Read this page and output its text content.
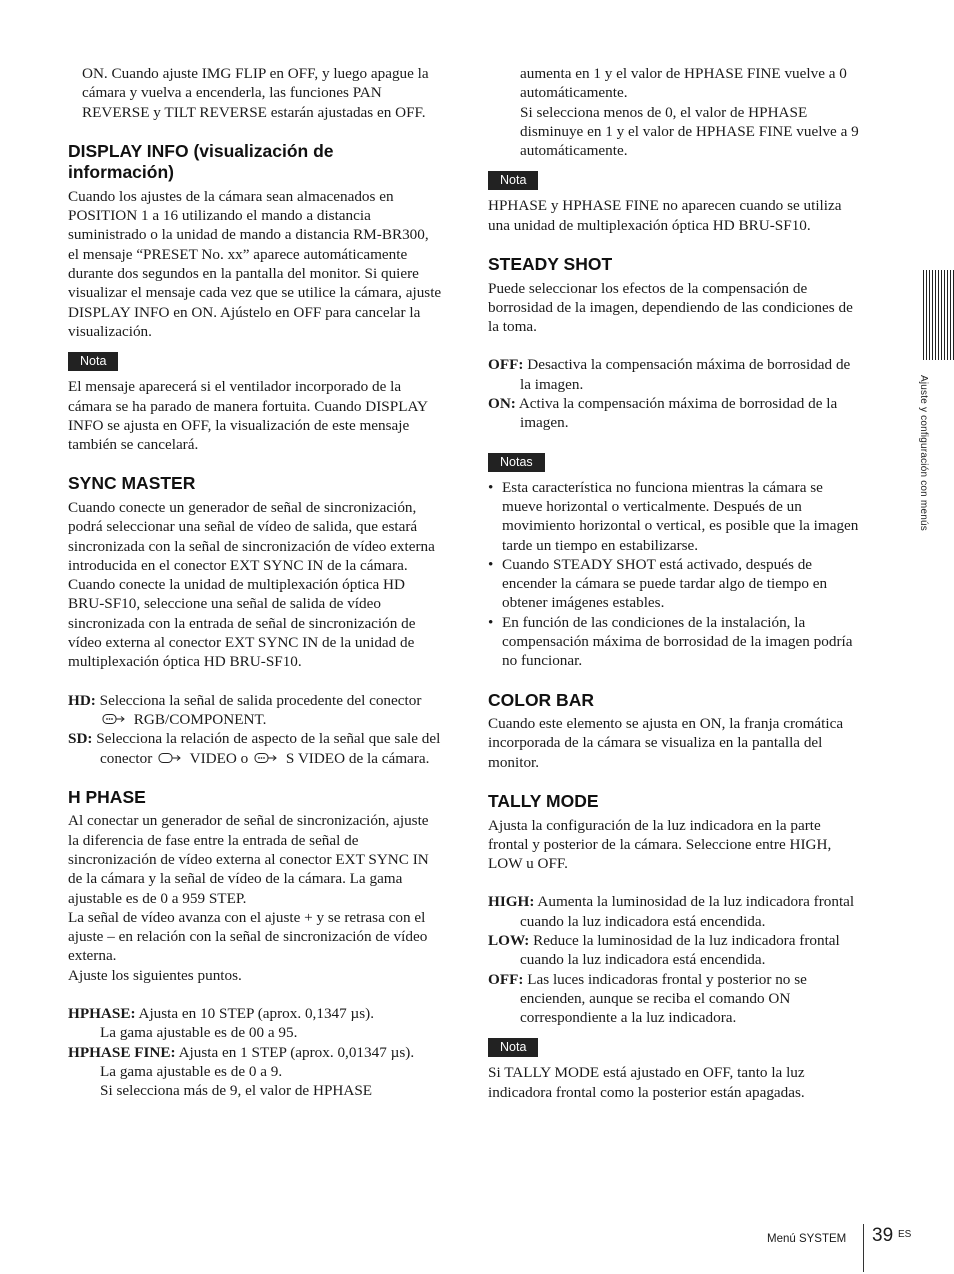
ON. Cuando ajuste IMG FLIP en OFF, y luego apague la cámara y vuelva a encenderla, las funciones PAN REVERSE y TILT REVERSE estarán ajustadas en OFF.

DISPLAY INFO (visualización de información)

Cuando los ajustes de la cámara sean almacenados en POSITION 1 a 16 utilizando el mando a distancia suministrado o la unidad de mando a distancia RM-BR300, el mensaje “PRESET No. xx” aparece automáticamente durante dos segundos en la pantalla del monitor. Si quiere visualizar el mensaje cada vez que se utilice la cámara, ajuste DISPLAY INFO en ON. Ajústelo en OFF para cancelar la visualización.

Nota

El mensaje aparecerá si el ventilador incorporado de la cámara se ha parado de manera fortuita. Cuando DISPLAY INFO se ajusta en OFF, la visualización de este mensaje también se cancelará.

SYNC MASTER

Cuando conecte un generador de señal de sincronización, podrá seleccionar una señal de vídeo de salida, que estará sincronizada con la señal de sincronización de vídeo externa introducida en el conector EXT SYNC IN de la cámara.

Cuando conecte la unidad de multiplexación óptica HD BRU-SF10, seleccione una señal de salida de vídeo sincronizada con la entrada de señal de sincronización de vídeo externa al conector EXT SYNC IN de la unidad de multiplexación óptica HD BRU-SF10.

HD: Selecciona la señal de salida procedente del conector  RGB/COMPONENT.

SD: Selecciona la relación de aspecto de la señal que sale del conector VIDEO o S VIDEO de la cámara.

H PHASE

Al conectar un generador de señal de sincronización, ajuste la diferencia de fase entre la entrada de señal de sincronización de vídeo externa al conector EXT SYNC IN de la cámara y la señal de vídeo de la cámara. La gama ajustable es de 0 a 959 STEP.

La señal de vídeo avanza con el ajuste + y se retrasa con el ajuste – en relación con la señal de sincronización de vídeo externa.

Ajuste los siguientes puntos.

HPHASE: Ajusta en 10 STEP (aprox. 0,1347 µs).

La gama ajustable es de 00 a 95.

HPHASE FINE: Ajusta en 1 STEP (aprox. 0,01347 µs).

La gama ajustable es de 0 a 9.

Si selecciona más de 9, el valor de HPHASE

aumenta en 1 y el valor de HPHASE FINE vuelve a 0 automáticamente.

Si selecciona menos de 0, el valor de HPHASE disminuye en 1 y el valor de HPHASE FINE vuelve a 9 automáticamente.

Nota

HPHASE y HPHASE FINE no aparecen cuando se utiliza una unidad de multiplexación óptica HD BRU-SF10.

STEADY SHOT

Puede seleccionar los efectos de la compensación de borrosidad de la imagen, dependiendo de las condiciones de la toma.

OFF: Desactiva la compensación máxima de borrosidad de la imagen.

ON: Activa la compensación máxima de borrosidad de la imagen.

Notas
• Esta característica no funciona mientras la cámara se mueve horizontal o verticalmente. Después de un movimiento horizontal o vertical, es posible que la imagen tarde un tiempo en estabilizarse.
• Cuando STEADY SHOT está activado, después de encender la cámara se puede tardar algo de tiempo en obtener imágenes estables.
• En función de las condiciones de la instalación, la compensación máxima de borrosidad de la imagen podría no funcionar.
COLOR BAR

Cuando este elemento se ajusta en ON, la franja cromática incorporada de la cámara se visualiza en la pantalla del monitor.

TALLY MODE

Ajusta la configuración de la luz indicadora en la parte frontal y posterior de la cámara. Seleccione entre HIGH, LOW u OFF.

HIGH: Aumenta la luminosidad de la luz indicadora frontal cuando la luz indicadora está encendida.

LOW: Reduce la luminosidad de la luz indicadora frontal cuando la luz indicadora está encendida.

OFF: Las luces indicadoras frontal y posterior no se encienden, aunque se reciba el comando ON correspondiente a la luz indicadora.

Nota

Si TALLY MODE está ajustado en OFF, tanto la luz indicadora frontal como la posterior están apagadas.

Ajuste y configuración con menús
Menú SYSTEM 39 ES
